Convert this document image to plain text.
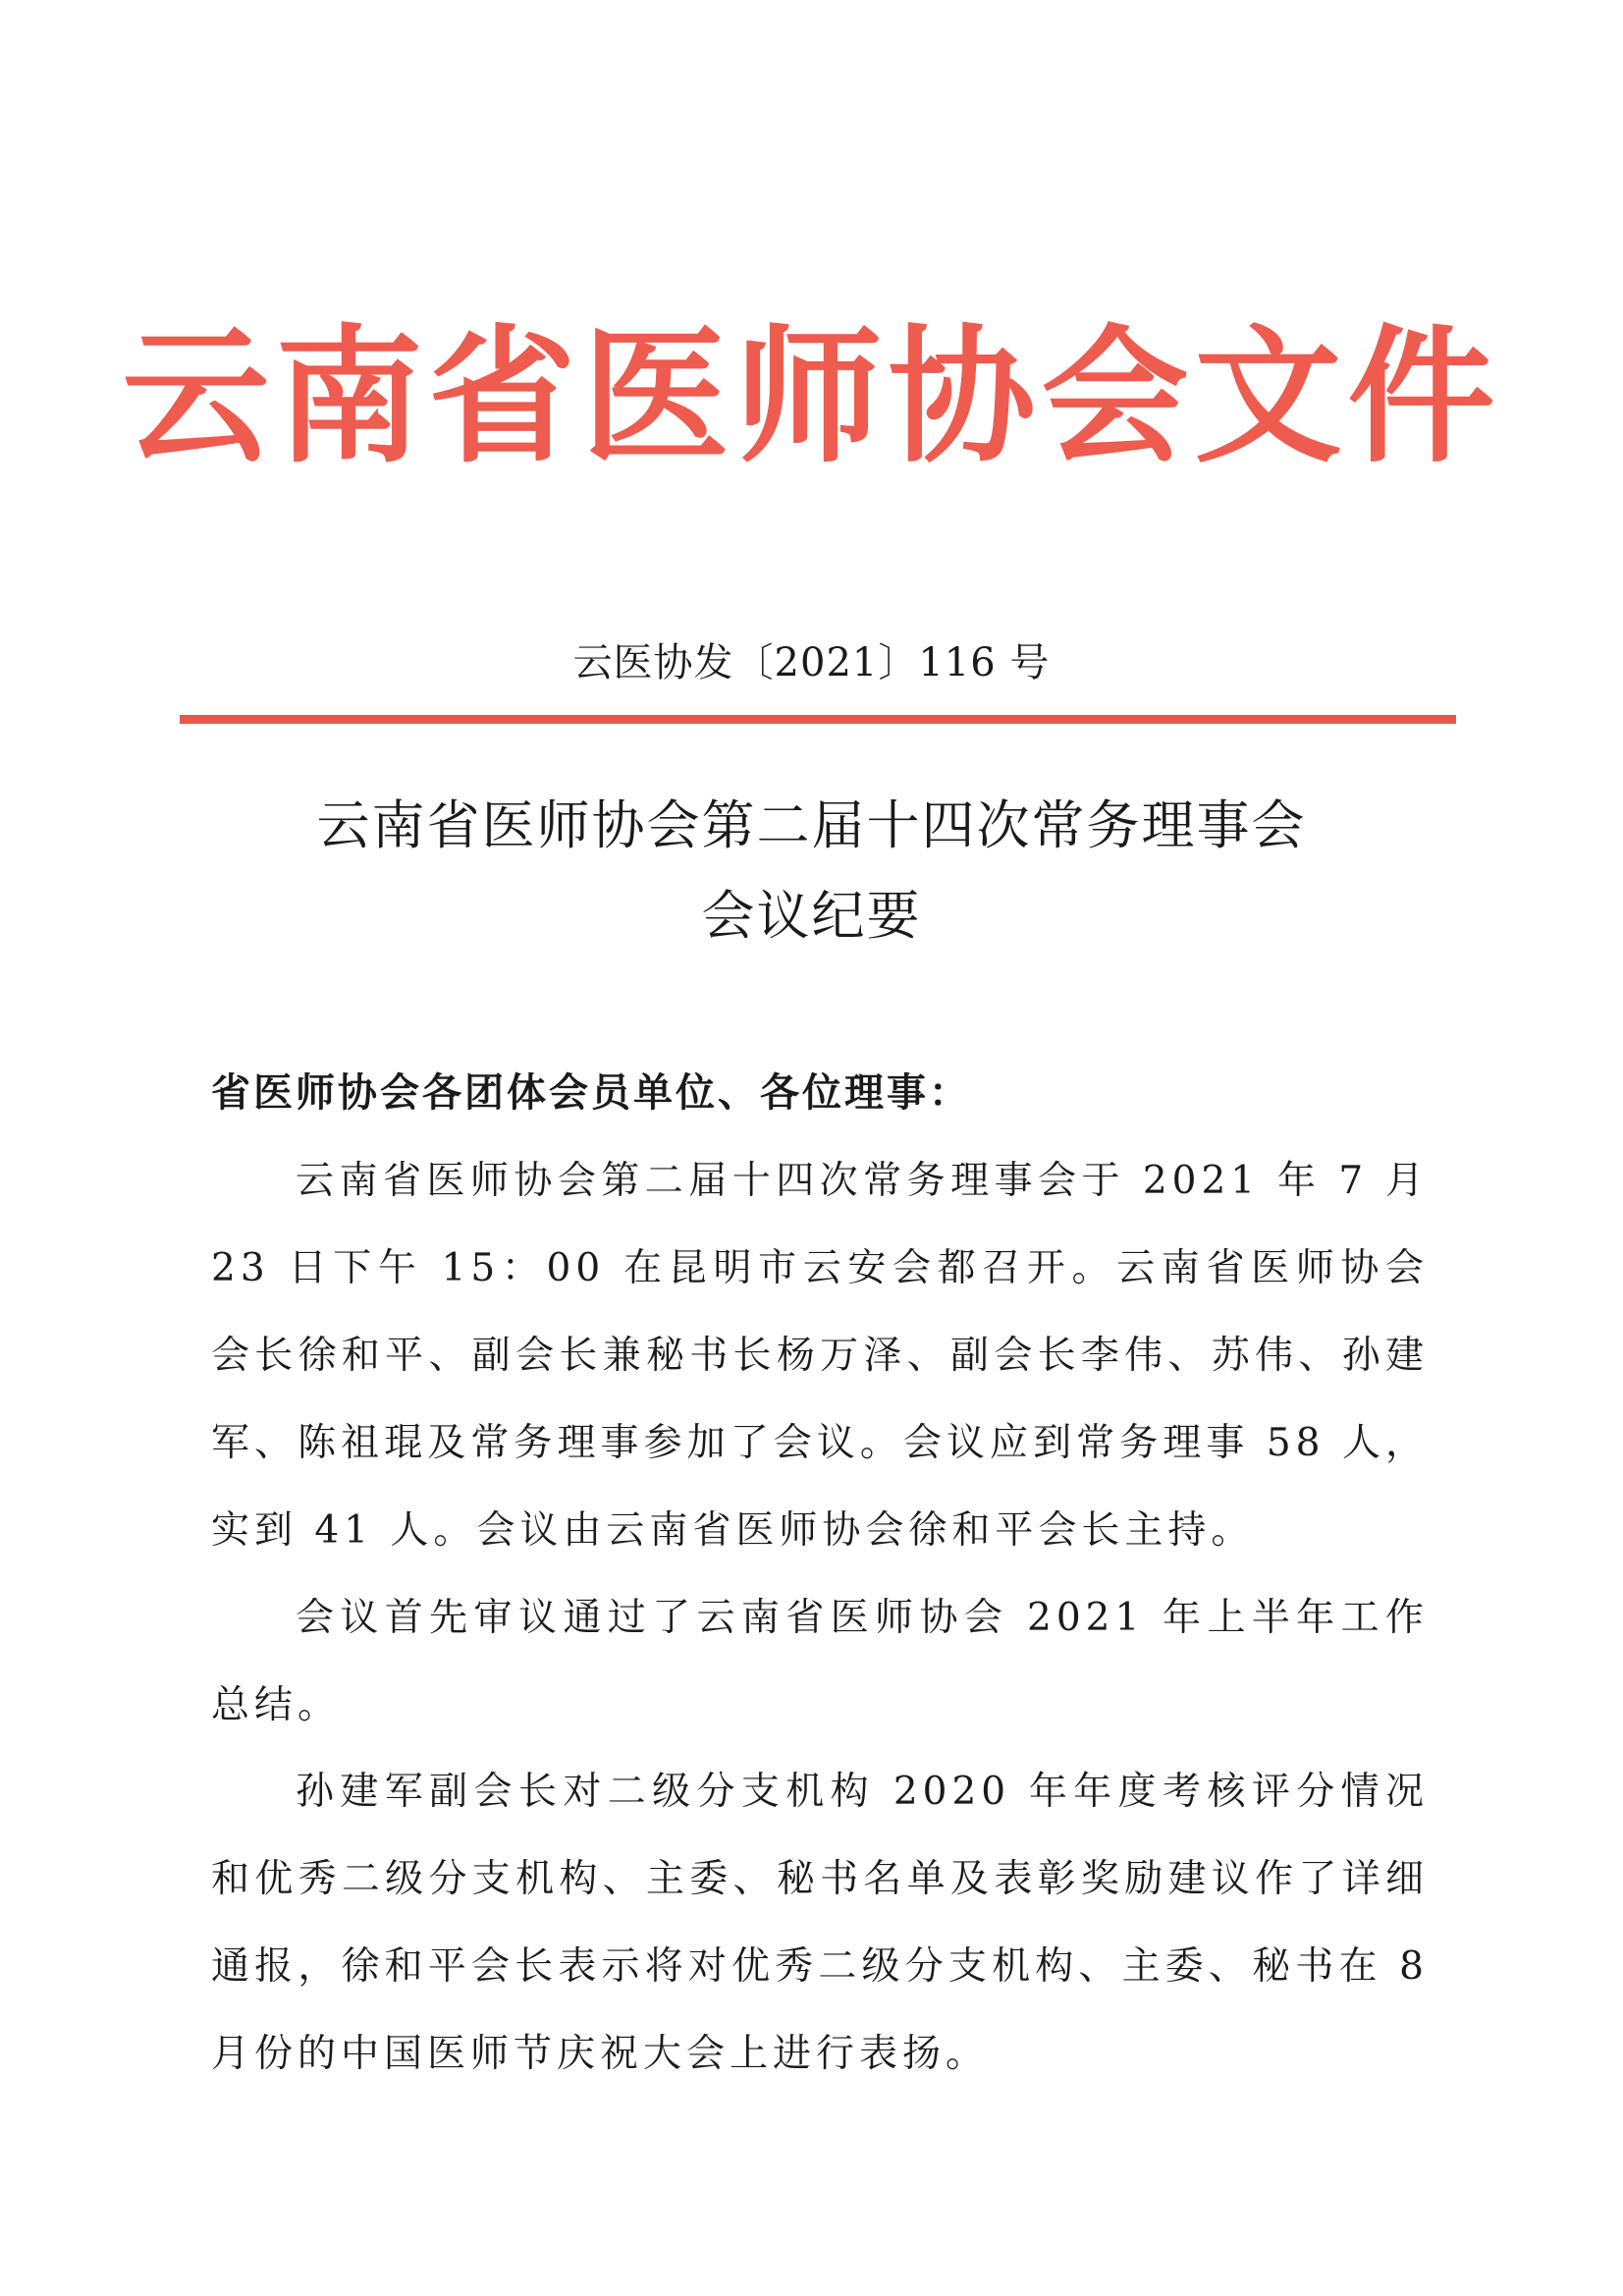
云南省医师协会文件
云医协发〔2021〕116 号
云南省医师协会第二届十四次常务理事会
会议纪要
省医师协会各团体会员单位、各位理事：

云南省医师协会第二届十四次常务理事会于 2021 年 7 月 23 日下午 15：00 在昆明市云安会都召开。云南省医师协会会长徐和平、副会长兼秘书长杨万泽、副会长李伟、苏伟、孙建军、陈祖琨及常务理事参加了会议。会议应到常务理事 58 人，实到 41 人。会议由云南省医师协会徐和平会长主持。

会议首先审议通过了云南省医师协会 2021 年上半年工作总结。

孙建军副会长对二级分支机构 2020 年年度考核评分情况和优秀二级分支机构、主委、秘书名单及表彰奖励建议作了详细通报，徐和平会长表示将对优秀二级分支机构、主委、秘书在 8 月份的中国医师节庆祝大会上进行表扬。
